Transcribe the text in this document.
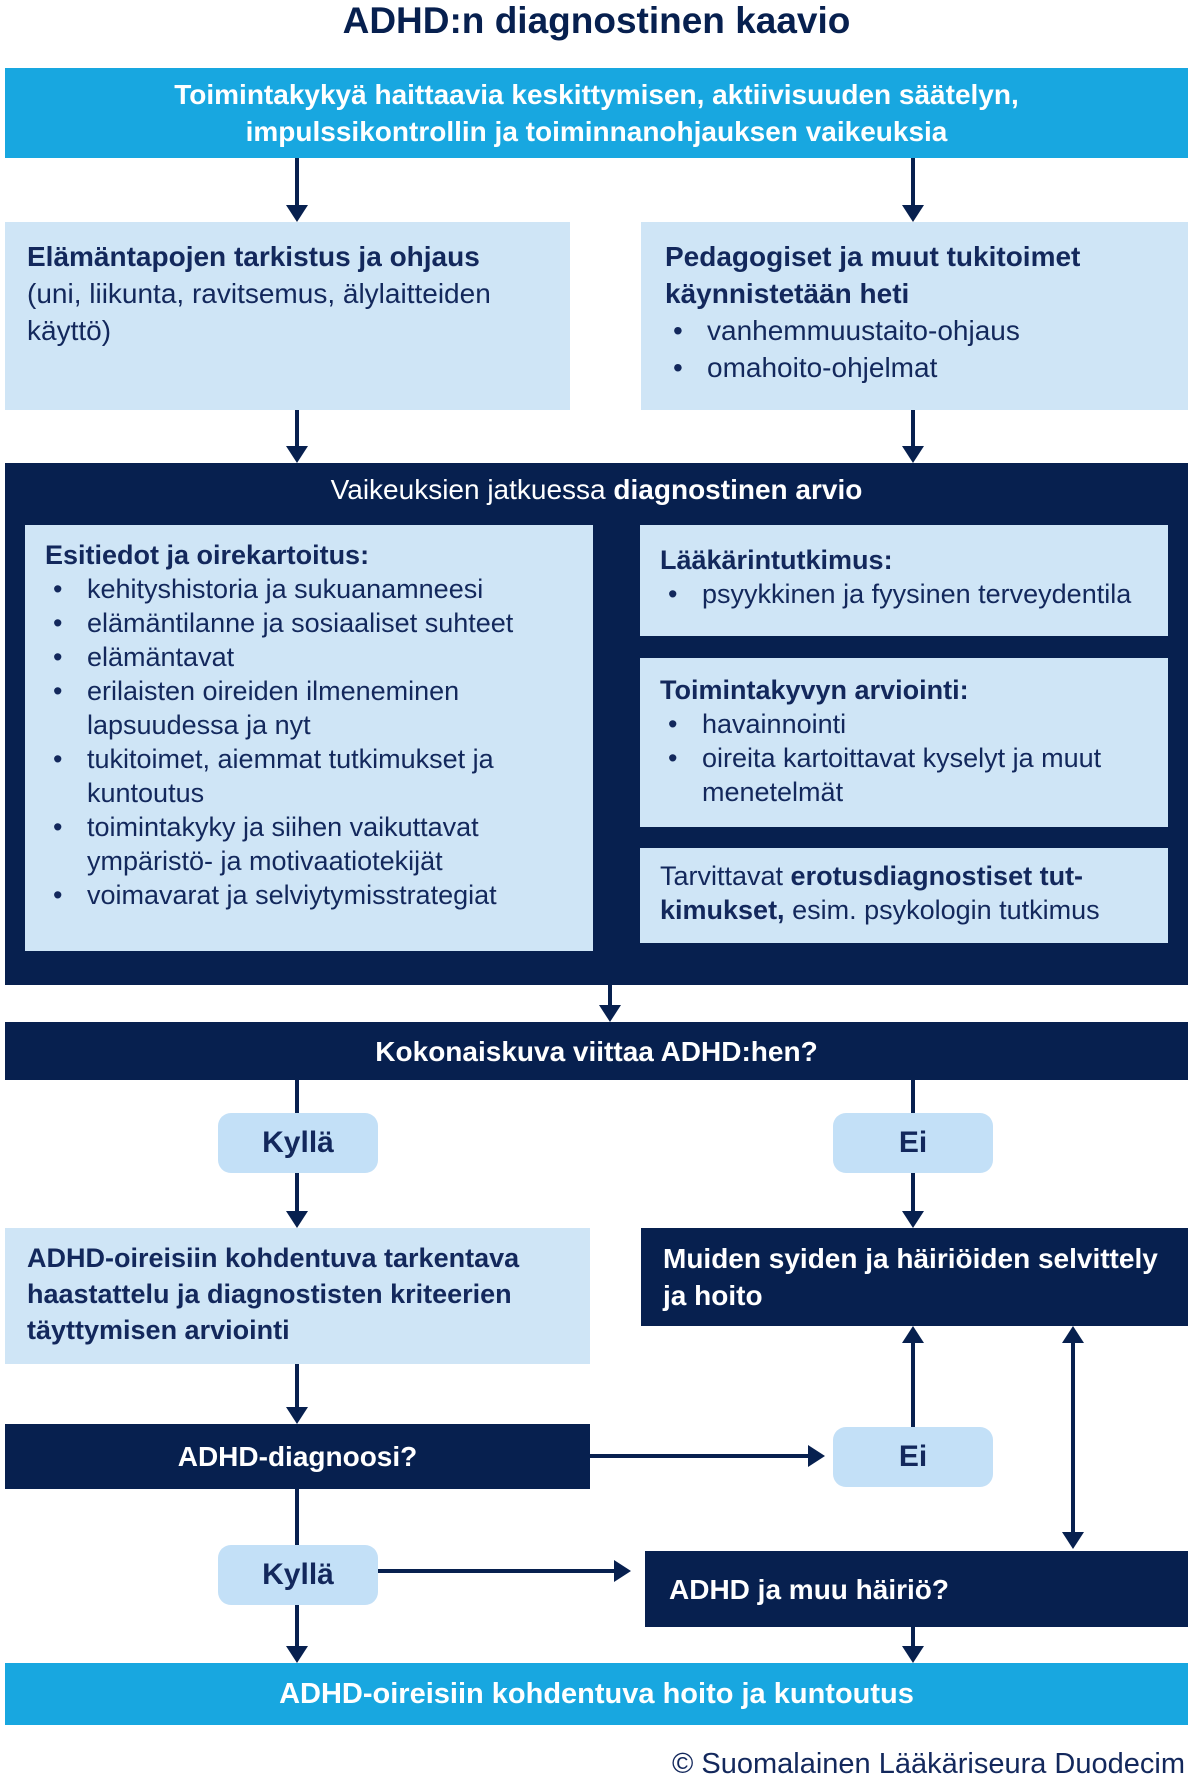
ADHD:n diagnostinen kaavio
Toimintakykyä haittaavia keskittymisen, aktiivisuuden säätelyn,
impulssikontrollin ja toiminnanohjauksen vaikeuksia
Elämäntapojen tarkistus ja ohjaus
(uni, liikunta, ravitsemus, älylaitteiden käyttö)
Pedagogiset ja muut tukitoimet käynnistetään heti
• vanhemmuustaito-ohjaus
• omahoito-ohjelmat
Vaikeuksien jatkuessa diagnostinen arvio
Esitiedot ja oirekartoitus:
• kehityshistoria ja sukuanamneesi
• elämäntilanne ja sosiaaliset suhteet
• elämäntavat
• erilaisten oireiden ilmeneminen lapsuudessa ja nyt
• tukitoimet, aiemmat tutkimukset ja kuntoutus
• toimintakyky ja siihen vaikuttavat ympäristö- ja motivaatiotekijät
• voimavarat ja selviytymisstrategiat
Lääkärintutkimus:
• psyykkinen ja fyysinen terveydentila
Toimintakyvyn arviointi:
• havainnointi
• oireita kartoittavat kyselyt ja muut menetelmät
Tarvittavat erotusdiagnostiset tut-kimukset, esim. psykologin tutkimus
Kokonaiskuva viittaa ADHD:hen?
Kyllä	Ei
ADHD-oireisiin kohdentuva tarkentava haastattelu ja diagnostisten kriteerien täyttymisen arviointi
Muiden syiden ja häiriöiden selvittely ja hoito
ADHD-diagnoosi?	Ei
Kyllä	ADHD ja muu häiriö?
ADHD-oireisiin kohdentuva hoito ja kuntoutus
© Suomalainen Lääkäriseura Duodecim
